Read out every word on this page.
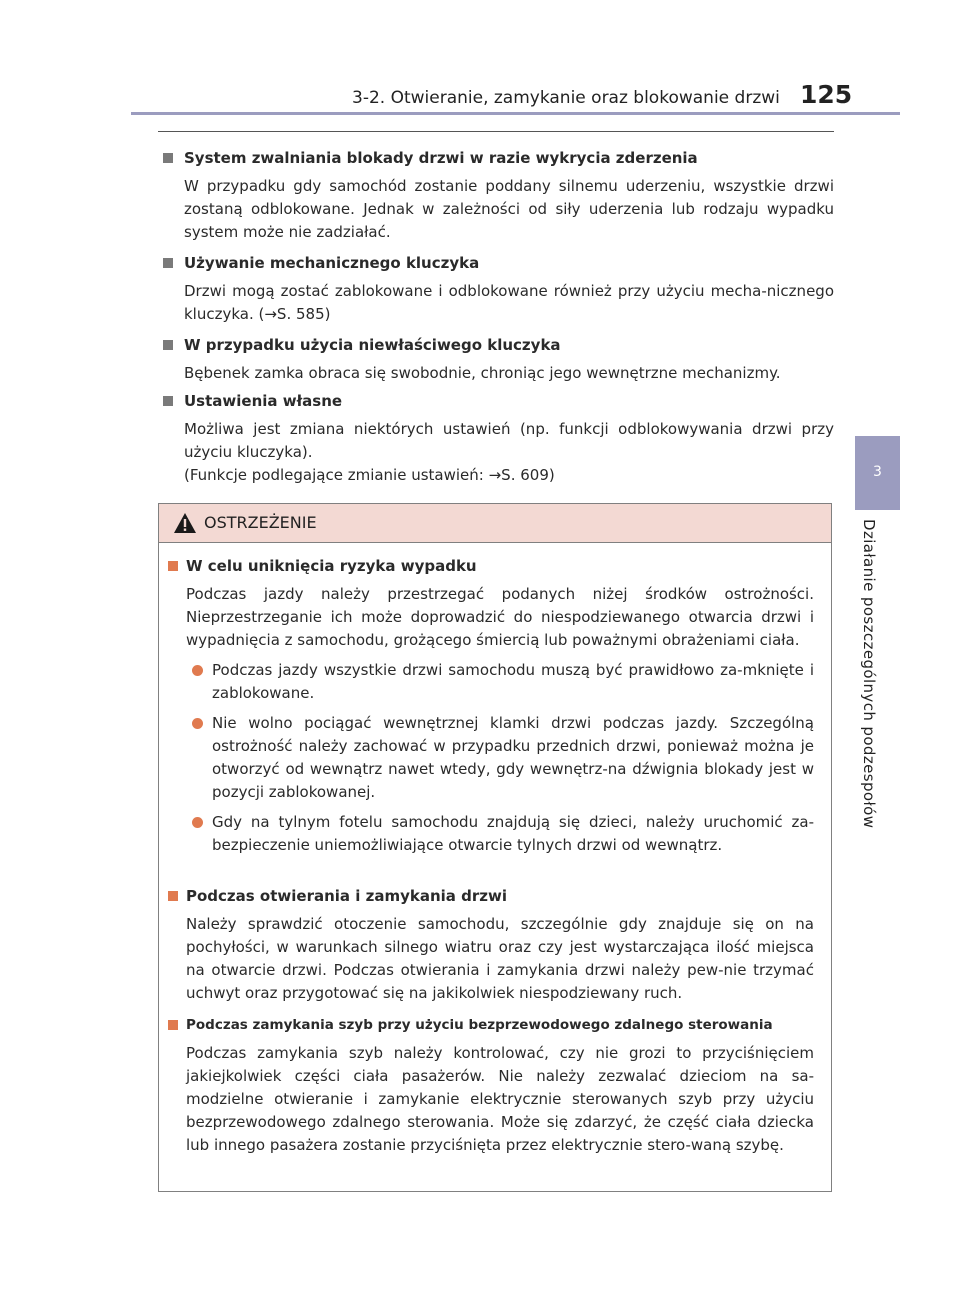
3-2. Otwieranie, zamykanie oraz blokowanie drzwi 125
3
Działanie poszczególnych podzespołów
System zwalniania blokady drzwi w razie wykrycia zderzenia
W przypadku gdy samochód zostanie poddany silnemu uderzeniu, wszystkie drzwi zostaną odblokowane. Jednak w zależności od siły uderzenia lub rodzaju wypadku system może nie zadziałać.
Używanie mechanicznego kluczyka
Drzwi mogą zostać zablokowane i odblokowane również przy użyciu mecha-nicznego kluczyka. (→S. 585)
W przypadku użycia niewłaściwego kluczyka
Bębenek zamka obraca się swobodnie, chroniąc jego wewnętrzne mechanizmy.
Ustawienia własne
Możliwa jest zmiana niektórych ustawień (np. funkcji odblokowywania drzwi przy użyciu kluczyka).
(Funkcje podlegające zmianie ustawień: →S. 609)
OSTRZEŻENIE
W celu uniknięcia ryzyka wypadku
Podczas jazdy należy przestrzegać podanych niżej środków ostrożności. Nieprzestrzeganie ich może doprowadzić do niespodziewanego otwarcia drzwi i wypadnięcia z samochodu, grożącego śmiercią lub poważnymi obrażeniami ciała.
Podczas jazdy wszystkie drzwi samochodu muszą być prawidłowo za-mknięte i zablokowane.
Nie wolno pociągać wewnętrznej klamki drzwi podczas jazdy. Szczególną ostrożność należy zachować w przypadku przednich drzwi, ponieważ można je otworzyć od wewnątrz nawet wtedy, gdy wewnętrz-na dźwignia blokady jest w pozycji zablokowanej.
Gdy na tylnym fotelu samochodu znajdują się dzieci, należy uruchomić za-bezpieczenie uniemożliwiające otwarcie tylnych drzwi od wewnątrz.
Podczas otwierania i zamykania drzwi
Należy sprawdzić otoczenie samochodu, szczególnie gdy znajduje się on na pochyłości, w warunkach silnego wiatru oraz czy jest wystarczająca ilość miejsca na otwarcie drzwi. Podczas otwierania i zamykania drzwi należy pew-nie trzymać uchwyt oraz przygotować się na jakikolwiek niespodziewany ruch.
Podczas zamykania szyb przy użyciu bezprzewodowego zdalnego sterowania
Podczas zamykania szyb należy kontrolować, czy nie grozi to przyciśnięciem jakiejkolwiek części ciała pasażerów. Nie należy zezwalać dzieciom na sa-modzielne otwieranie i zamykanie elektrycznie sterowanych szyb przy użyciu bezprzewodowego zdalnego sterowania. Może się zdarzyć, że część ciała dziecka lub innego pasażera zostanie przyciśnięta przez elektrycznie stero-waną szybę.
